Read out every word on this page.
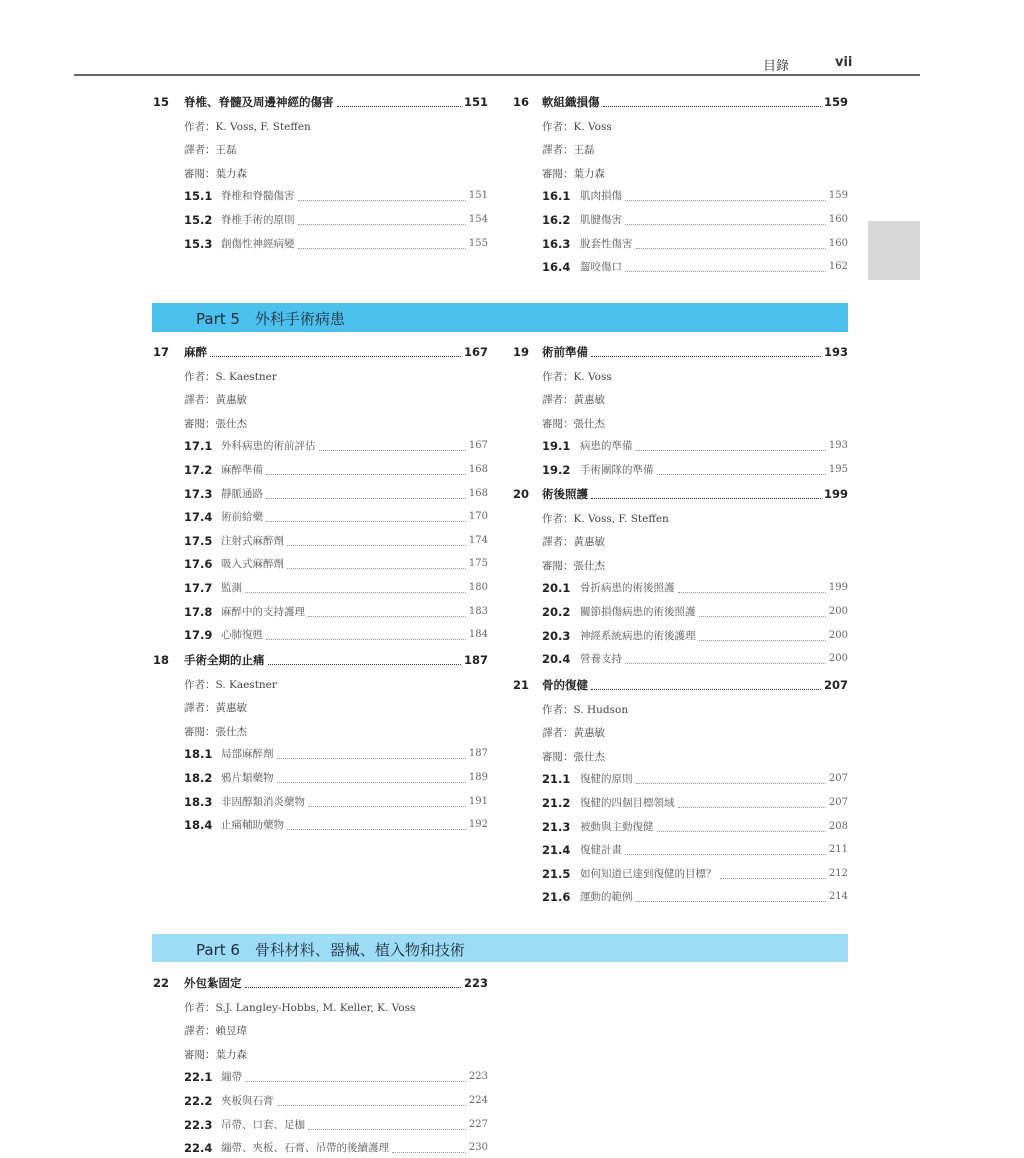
目錄	vii
Part 5　外科手術病患
Part 6　骨科材料、器械、植入物和技術
15 脊椎、脊髓及周邊神經的傷害	151
作者：K. Voss, F. Steffen
譯者：王磊
審閱：葉力森
15.1 脊椎和脊髓傷害	151
15.2 脊椎手術的原則	154
15.3 創傷性神經病變	155
16 軟組織損傷	159
作者：K. Voss
譯者：王磊
審閱：葉力森
16.1 肌肉損傷	159
16.2 肌腱傷害	160
16.3 脫套性傷害	160
16.4 齧咬傷口	162
17 麻醉	167
作者：S. Kaestner
譯者：黃惠敏
審閱：張仕杰
17.1 外科病患的術前評估	167
17.2 麻醉準備	168
17.3 靜脈通路	168
17.4 術前給藥	170
17.5 注射式麻醉劑	174
17.6 吸入式麻醉劑	175
17.7 監測	180
17.8 麻醉中的支持護理	183
17.9 心肺復甦	184
18 手術全期的止痛	187
作者：S. Kaestner
譯者：黃惠敏
審閱：張仕杰
18.1 局部麻醉劑	187
18.2 鴉片類藥物	189
18.3 非固醇類消炎藥物	191
18.4 止痛輔助藥物	192
19 術前準備	193
作者：K. Voss
譯者：黃惠敏
審閱：張仕杰
19.1 病患的準備	193
19.2 手術團隊的準備	195
20 術後照護	199
作者：K. Voss, F. Steffen
譯者：黃惠敏
審閱：張仕杰
20.1 骨折病患的術後照護	199
20.2 關節損傷病患的術後照護	200
20.3 神經系統病患的術後護理	200
20.4 營養支持	200
21 骨的復健	207
作者：S. Hudson
譯者：黃惠敏
審閱：張仕杰
21.1 復健的原則	207
21.2 復健的四個目標領域	207
21.3 被動與主動復健	208
21.4 復健計畫	211
21.5 如何知道已達到復健的目標？	212
21.6 運動的範例	214
22 外包紮固定	223
作者：S.J. Langley-Hobbs, M. Keller, K. Voss
譯者：賴昱瑋
審閱：葉力森
22.1 繃帶	223
22.2 夾板與石膏	224
22.3 吊帶、口套、足枷	227
22.4 繃帶、夾板、石膏、吊帶的後續護理	230
